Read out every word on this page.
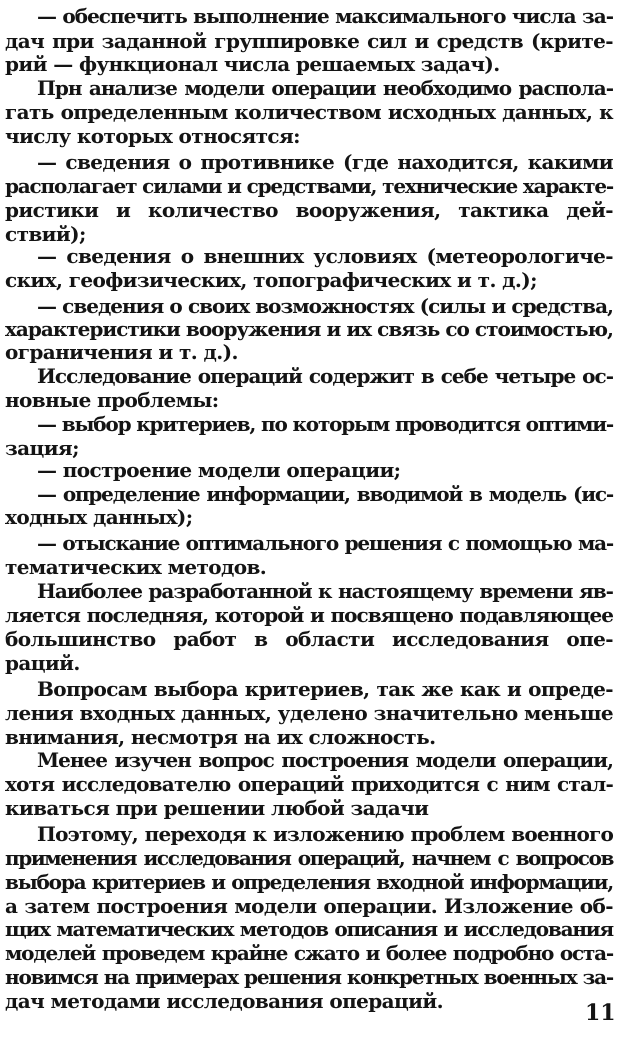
— обеспечить выполнение максимального числа за-
дач при заданной группировке сил и средств (крите-
рий — функционал числа решаемых задач).
Прн анализе модели операции необходимо распола-
гать определенным количеством исходных данных, к
числу которых относятся:
— сведения о противнике (где находится, какими
располагает силами и средствами, технические характе-
ристики и количество вооружения, тактика дей-
ствий);
— сведения о внешних условиях (метеорологиче-
ских, геофизических, топографических и т. д.);
— сведения о своих возможностях (силы и средства,
характеристики вооружения и их связь со стоимостью,
ограничения и т. д.).
Исследование операций содержит в себе четыре ос-
новные проблемы:
— выбор критериев, по которым проводится оптими-
зация;
— построение модели операции;
— определение информации, вводимой в модель (ис-
ходных данных);
— отыскание оптимального решения с помощью ма-
тематических методов.
Наиболее разработанной к настоящему времени яв-
ляется последняя, которой и посвящено подавляющее
большинство работ в области исследования опе-
раций.
Вопросам выбора критериев, так же как и опреде-
ления входных данных, уделено значительно меньше
внимания, несмотря на их сложность.
Менее изучен вопрос построения модели операции,
хотя исследователю операций приходится с ним стал-
киваться при решении любой задачи
Поэтому, переходя к изложению проблем военного
применения исследования операций, начнем с вопросов
выбора критериев и определения входной информации,
а затем построения модели операции. Изложение об-
щих математических методов описания и исследования
моделей проведем крайне сжато и более подробно оста-
новимся на примерах решения конкретных военных за-
дач методами исследования операций.	11
